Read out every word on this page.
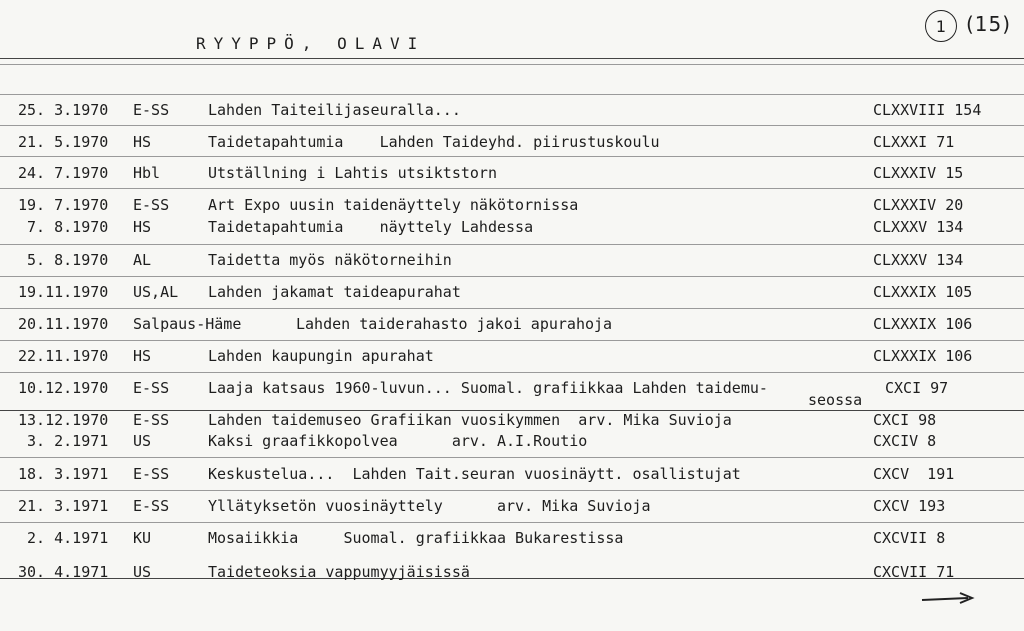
RYYPPÖ, OLAVI
1 (15)
25. 3.1970 E-SS	Lahden Taiteilijaseuralla...	CLXXVIII 154
21. 5.1970 HS	Taidetapahtumia    Lahden Taideyhd. piirustuskoulu	CLXXXI 71
24. 7.1970 Hbl	Utställning i Lahtis utsiktstorn	CLXXXIV 15
19. 7.1970 E-SS	Art Expo uusin taidenäyttely näkötornissa	CLXXXIV 20
7. 8.1970 HS	Taidetapahtumia    näyttely Lahdessa	CLXXXV 134
5. 8.1970 AL	Taidetta myös näkötorneihin	CLXXXV 134
19.11.1970 US,AL Lahden jakamat taideapurahat	CLXXXIX 105
20.11.1970 Salpaus-Häme	Lahden taiderahasto jakoi apurahoja	CLXXXIX 106
22.11.1970 HS	Lahden kaupungin apurahat	CLXXXIX 106
10.12.1970 E-SS	Laaja katsaus 1960-luvun... Suomal. grafiikkaa Lahden taidemu-	CXCI 97
seossa
13.12.1970 E-SS	Lahden taidemuseo Grafiikan vuosikymmen  arv. Mika Suvioja	CXCI 98
3. 2.1971 US	Kaksi graafikkopolvea      arv. A.I.Routio	CXCIV 8
18. 3.1971 E-SS	Keskustelua...  Lahden Tait.seuran vuosinäytt. osallistujat	CXCV  191
21. 3.1971 E-SS	Yllätyksetön vuosinäyttely      arv. Mika Suvioja	CXCV 193
2. 4.1971 KU	Mosaiikkia     Suomal. grafiikkaa Bukarestissa	CXCVII 8
30. 4.1971 US	Taideteoksia vappumyyjäisissä	CXCVII 71
